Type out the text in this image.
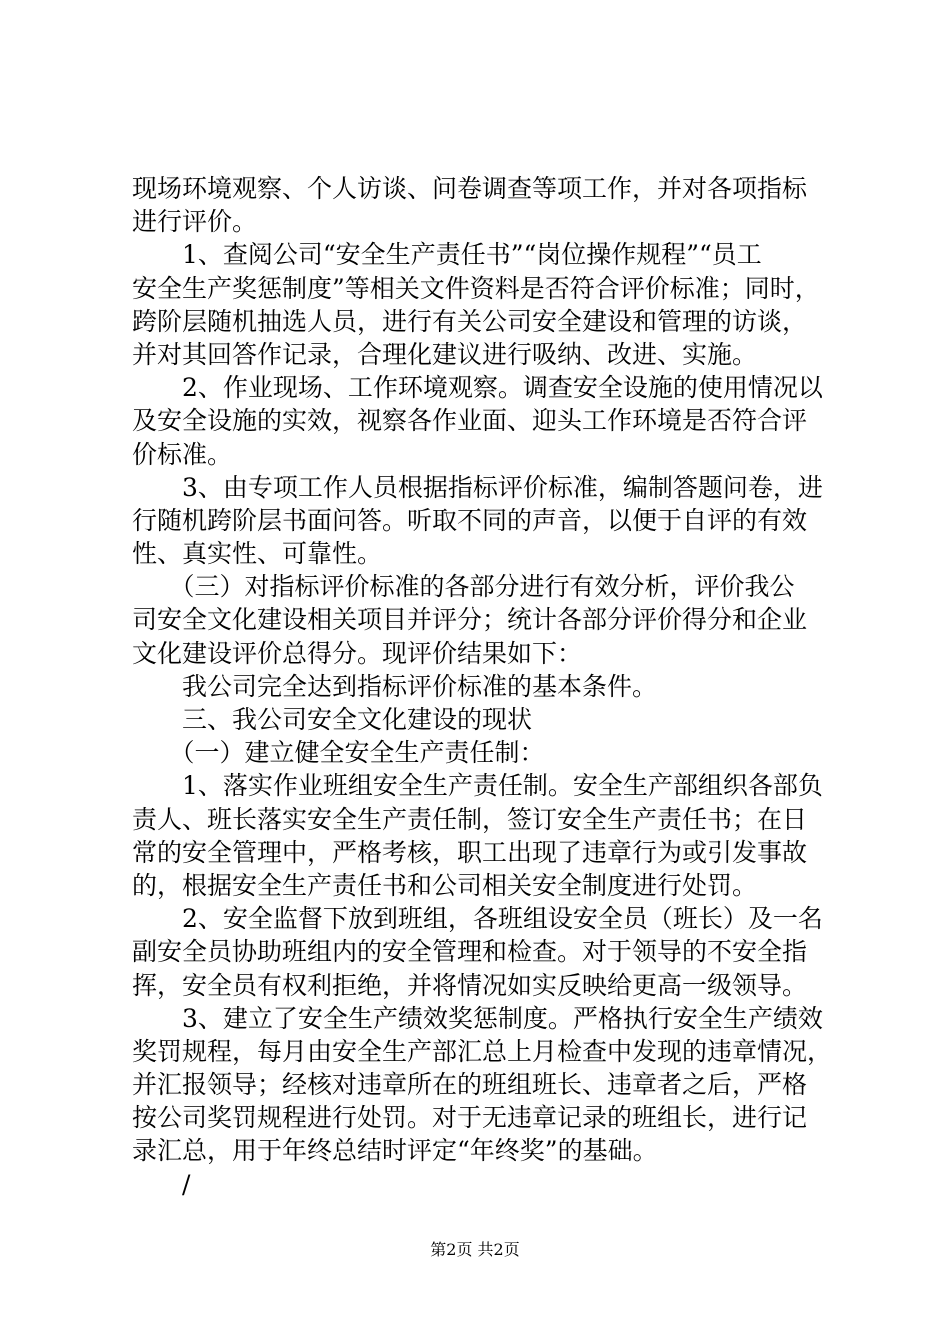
现场环境观察、个人访谈、问卷调查等项工作，并对各项指标
进行评价。
　　1、查阅公司“安全生产责任书”“岗位操作规程”“员工
安全生产奖惩制度”等相关文件资料是否符合评价标准；同时，
跨阶层随机抽选人员，进行有关公司安全建设和管理的访谈，
并对其回答作记录，合理化建议进行吸纳、改进、实施。
　　2、作业现场、工作环境观察。调查安全设施的使用情况以
及安全设施的实效，视察各作业面、迎头工作环境是否符合评
价标准。
　　3、由专项工作人员根据指标评价标准，编制答题问卷，进
行随机跨阶层书面问答。听取不同的声音，以便于自评的有效
性、真实性、可靠性。
　　（三）对指标评价标准的各部分进行有效分析，评价我公
司安全文化建设相关项目并评分；统计各部分评价得分和企业
文化建设评价总得分。现评价结果如下：
　　我公司完全达到指标评价标准的基本条件。
　　三、我公司安全文化建设的现状
　　（一）建立健全安全生产责任制：
　　1、落实作业班组安全生产责任制。安全生产部组织各部负
责人、班长落实安全生产责任制，签订安全生产责任书；在日
常的安全管理中，严格考核，职工出现了违章行为或引发事故
的，根据安全生产责任书和公司相关安全制度进行处罚。
　　2、安全监督下放到班组，各班组设安全员（班长）及一名
副安全员协助班组内的安全管理和检查。对于领导的不安全指
挥，安全员有权利拒绝，并将情况如实反映给更高一级领导。
　　3、建立了安全生产绩效奖惩制度。严格执行安全生产绩效
奖罚规程，每月由安全生产部汇总上月检查中发现的违章情况，
并汇报领导；经核对违章所在的班组班长、违章者之后，严格
按公司奖罚规程进行处罚。对于无违章记录的班组长，进行记
录汇总，用于年终总结时评定“年终奖”的基础。
　　/
第2页 共2页
